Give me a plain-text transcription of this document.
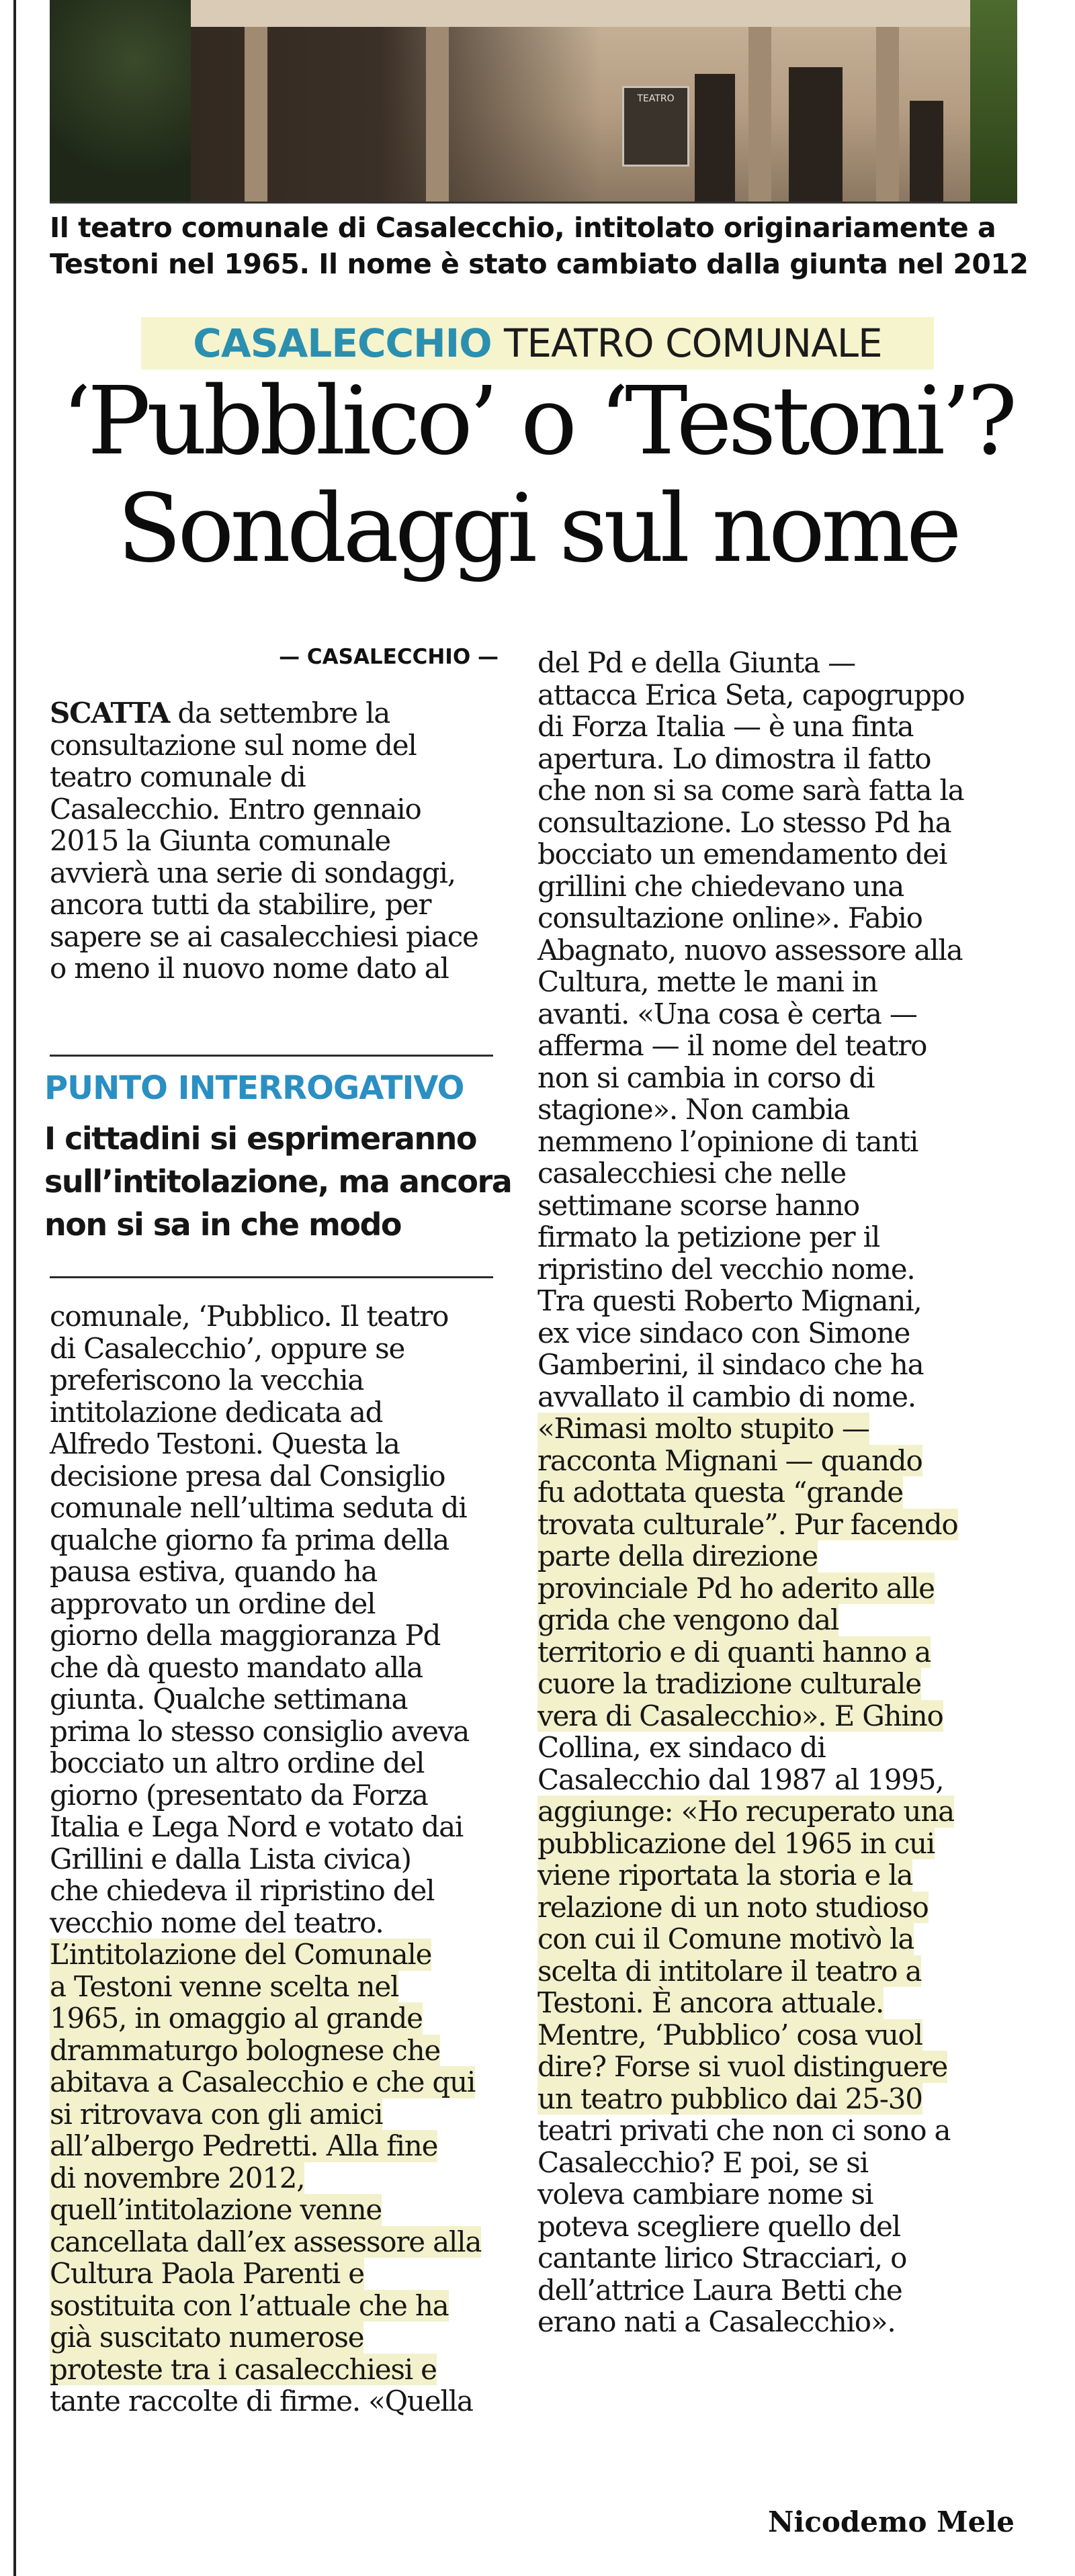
TEATRO

Il teatro comunale di Casalecchio, intitolato originariamente a
Testoni nel 1965. Il nome è stato cambiato dalla giunta nel 2012

CASALECCHIO TEATRO COMUNALE
‘Pubblico’ o ‘Testoni’?
Sondaggi sul nome
— CASALECCHIO —

SCATTA da settembre la

consultazione sul nome del

teatro comunale di

Casalecchio. Entro gennaio

2015 la Giunta comunale

avvierà una serie di sondaggi,

ancora tutti da stabilire, per

sapere se ai casalecchiesi piace

o meno il nuovo nome dato al

PUNTO INTERROGATIVO

I cittadini si esprimeranno
sull’intitolazione, ma ancora
non si sa in che modo

comunale, ‘Pubblico. Il teatro

di Casalecchio’, oppure se

preferiscono la vecchia

intitolazione dedicata ad

Alfredo Testoni. Questa la

decisione presa dal Consiglio

comunale nell’ultima seduta di

qualche giorno fa prima della

pausa estiva, quando ha

approvato un ordine del

giorno della maggioranza Pd

che dà questo mandato alla

giunta. Qualche settimana

prima lo stesso consiglio aveva

bocciato un altro ordine del

giorno (presentato da Forza

Italia e Lega Nord e votato dai

Grillini e dalla Lista civica)

che chiedeva il ripristino del

vecchio nome del teatro.

L’intitolazione del Comunale

a Testoni venne scelta nel

1965, in omaggio al grande

drammaturgo bolognese che

abitava a Casalecchio e che qui

si ritrovava con gli amici

all’albergo Pedretti. Alla fine

di novembre 2012,

quell’intitolazione venne

cancellata dall’ex assessore alla

Cultura Paola Parenti e

sostituita con l’attuale che ha

già suscitato numerose

proteste tra i casalecchiesi e

tante raccolte di firme. «Quella

del Pd e della Giunta —

attacca Erica Seta, capogruppo

di Forza Italia — è una finta

apertura. Lo dimostra il fatto

che non si sa come sarà fatta la

consultazione. Lo stesso Pd ha

bocciato un emendamento dei

grillini che chiedevano una

consultazione online». Fabio

Abagnato, nuovo assessore alla

Cultura, mette le mani in

avanti. «Una cosa è certa —

afferma — il nome del teatro

non si cambia in corso di

stagione». Non cambia

nemmeno l’opinione di tanti

casalecchiesi che nelle

settimane scorse hanno

firmato la petizione per il

ripristino del vecchio nome.

Tra questi Roberto Mignani,

ex vice sindaco con Simone

Gamberini, il sindaco che ha

avvallato il cambio di nome.

«Rimasi molto stupito —

racconta Mignani — quando

fu adottata questa “grande

trovata culturale”. Pur facendo

parte della direzione

provinciale Pd ho aderito alle

grida che vengono dal

territorio e di quanti hanno a

cuore la tradizione culturale

vera di Casalecchio». E Ghino

Collina, ex sindaco di

Casalecchio dal 1987 al 1995,

aggiunge: «Ho recuperato una

pubblicazione del 1965 in cui

viene riportata la storia e la

relazione di un noto studioso

con cui il Comune motivò la

scelta di intitolare il teatro a

Testoni. È ancora attuale.

Mentre, ‘Pubblico’ cosa vuol

dire? Forse si vuol distinguere

un teatro pubblico dai 25-30

teatri privati che non ci sono a

Casalecchio? E poi, se si

voleva cambiare nome si

poteva scegliere quello del

cantante lirico Stracciari, o

dell’attrice Laura Betti che

erano nati a Casalecchio».

Nicodemo Mele
